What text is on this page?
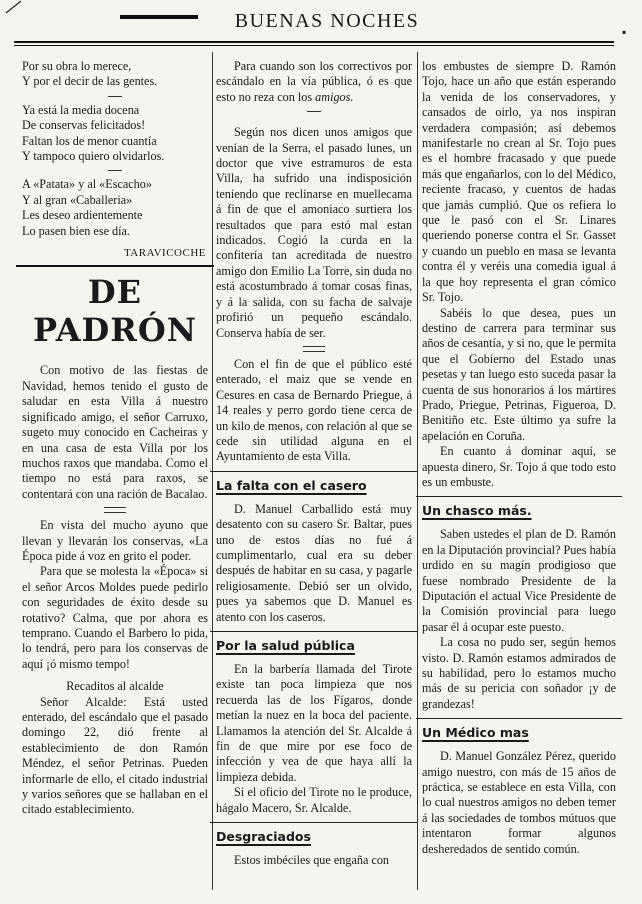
BUENAS NOCHES	▪
Por su obra lo merece,
Y por el decir de las gentes.
Ya está la media docena
De conservas felicitados!
Faltan los de menor cuantía
Y tampoco quiero olvidarlos.
A «Patata» y al «Escacho»
Y al gran «Caballeria»
Les deseo ardientemente
Lo pasen bien ese día.
TARAVICOCHE
DE PADRÓN

Con motivo de las fiestas de Navidad, hemos tenido el gusto de saludar en esta Villa á nuestro significado amigo, el señor Carruxo, sugeto muy conocido en Cacheiras y en una casa de esta Villa por los muchos raxos que mandaba. Como el tiempo no está para raxos, se contentará con una ración de Bacalao.

En vista del mucho ayuno que llevan y llevarán los conservas, «La Época pide á voz en grito el poder.

Para que se molesta la «Época» si el señor Arcos Moldes puede pedirlo con seguridades de éxito desde su rotativo? Calma, que por ahora es temprano. Cuando el Barbero lo pida, lo tendrá, pero para los conservas de aquí ¡ó mismo tempo!

Recaditos al alcalde

Señor Alcalde: Está usted enterado, del escándalo que el pasado domingo 22, dió frente al establecimiento de don Ramón Méndez, el señor Petrinas. Pueden informarle de ello, el citado industrial y varios señores que se hallaban en el citado establecimiento.

Para cuando son los correctivos por escándalo en la vía pública, ó es que esto no reza con los amigos.

Según nos dicen unos amigos que venían de la Serra, el pasado lunes, un doctor que vive estramuros de esta Villa, ha sufrido una indisposición teniendo que reclinarse en muellecama á fin de que el amoniaco surtiera los resultados que para estó mal estan indicados. Cogió la curda en la confitería tan acreditada de nuestro amigo don Emilio La Torre, sin duda no está acostumbrado á tomar cosas finas, y á la salida, con su facha de salvaje profirió un pequeño escándalo. Conserva había de ser.

Con el fin de que el público esté enterado, el maiz que se vende en Cesures en casa de Bernardo Priegue, á 14 reales y perro gordo tiene cerca de un kilo de menos, con relación al que se cede sin utilidad alguna en el Ayuntamiento de esta Villa.

La falta con el casero

D. Manuel Carballido está muy desatento con su casero Sr. Baltar, pues uno de estos días no fué á cumplimentarlo, cual era su deber después de habitar en su casa, y pagarle religiosamente. Debió ser un olvido, pues ya sabemos que D. Manuel es atento con los caseros.

Por la salud pública

En la barbería llamada del Tirote existe tan poca limpieza que nos recuerda las de los Fígaros, donde metían la nuez en la boca del paciente. Llamamos la atención del Sr. Alcalde á fin de que mire por ese foco de infección y vea de que haya allí la limpieza debida.

Si el oficio del Tirote no le produce, hágalo Macero, Sr. Alcalde.

Desgraciados

Estos imbéciles que engaña con

los embustes de siempre D. Ramón Tojo, hace un año que están esperando la venida de los conservadores, y cansados de oirlo, ya nos inspiran verdadera compasión; así debemos manifestarle no crean al Sr. Tojo pues es el hombre fracasado y que puede más que engañarlos, con lo del Médico, reciente fracaso, y cuentos de hadas que jamás cumplió. Que os refiera lo que le pasó con el Sr. Linares queriendo ponerse contra el Sr. Gasset y cuando un pueblo en masa se levanta contra él y veréis una comedia igual á la que hoy representa el gran cómico Sr. Tojo.

Sabéis lo que desea, pues un destino de carrera para terminar sus años de cesantía, y si no, que le permita que el Gobierno del Estado unas pesetas y tan luego esto suceda pasar la cuenta de sus honorarios á los mártires Prado, Priegue, Petrinas, Figueroa, D. Benitiño etc. Este último ya sufre la apelación en Coruña.

En cuanto á dominar aquí, se apuesta dinero, Sr. Tojo á que todo esto es un embuste.

Un chasco más.

Saben ustedes el plan de D. Ramón en la Diputación provincial? Pues había urdido en su magín prodigioso que fuese nombrado Presidente de la Diputación el actual Vice Presidente de la Comisión provincial para luego pasar él á ocupar este puesto.

La cosa no pudo ser, según hemos visto. D. Ramón estamos admirados de su habilidad, pero lo estamos mucho más de su pericia con soñador ¡y de grandezas!

Un Médico mas

D. Manuel González Pérez, querido amigo nuestro, con más de 15 años de práctica, se establece en esta Villa, con lo cual nuestros amigos no deben temer á las sociedades de tombos mútuos que intentaron formar algunos desheredados de sentido común.
